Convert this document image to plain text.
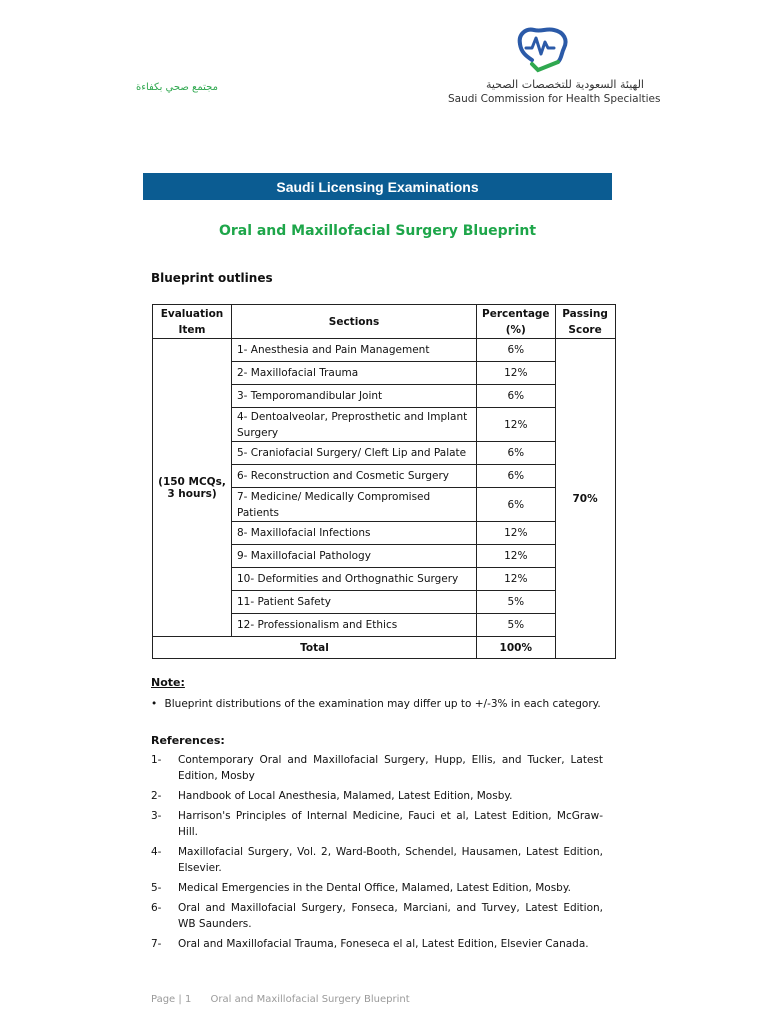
مجتمع صحي بكفاءة	الهيئة السعودية للتخصصات الصحية
Saudi Commission for Health Specialties
Saudi Licensing Examinations
Oral and Maxillofacial Surgery Blueprint
Blueprint outlines
Evaluation Item	Sections	Percentage (%)	Passing Score
(150 MCQs, 3 hours)	1- Anesthesia and Pain Management	6%	70%
	2- Maxillofacial Trauma	12%	
	3- Temporomandibular Joint	6%	
	4- Dentoalveolar, Preprosthetic and Implant Surgery	12%	
	5- Craniofacial Surgery/ Cleft Lip and Palate	6%	
	6- Reconstruction and Cosmetic Surgery	6%	
	7- Medicine/ Medically Compromised Patients	6%	
	8- Maxillofacial Infections	12%	
	9- Maxillofacial Pathology	12%	
	10- Deformities and Orthognathic Surgery	12%	
	11- Patient Safety	5%	
	12- Professionalism and Ethics	5%	
Total		100%	
Note:
• Blueprint distributions of the examination may differ up to +/-3% in each category.
References:
1-	Contemporary Oral and Maxillofacial Surgery, Hupp, Ellis, and Tucker, Latest Edition, Mosby
2-	Handbook of Local Anesthesia, Malamed, Latest Edition, Mosby.
3-	Harrison's Principles of Internal Medicine, Fauci et al, Latest Edition, McGraw-Hill.
4-	Maxillofacial Surgery, Vol. 2, Ward-Booth, Schendel, Hausamen, Latest Edition, Elsevier.
5-	Medical Emergencies in the Dental Office, Malamed, Latest Edition, Mosby.
6-	Oral and Maxillofacial Surgery, Fonseca, Marciani, and Turvey, Latest Edition, WB Saunders.
7-	Oral and Maxillofacial Trauma, Foneseca el al, Latest Edition, Elsevier Canada.
Page | 1 Oral and Maxillofacial Surgery Blueprint
